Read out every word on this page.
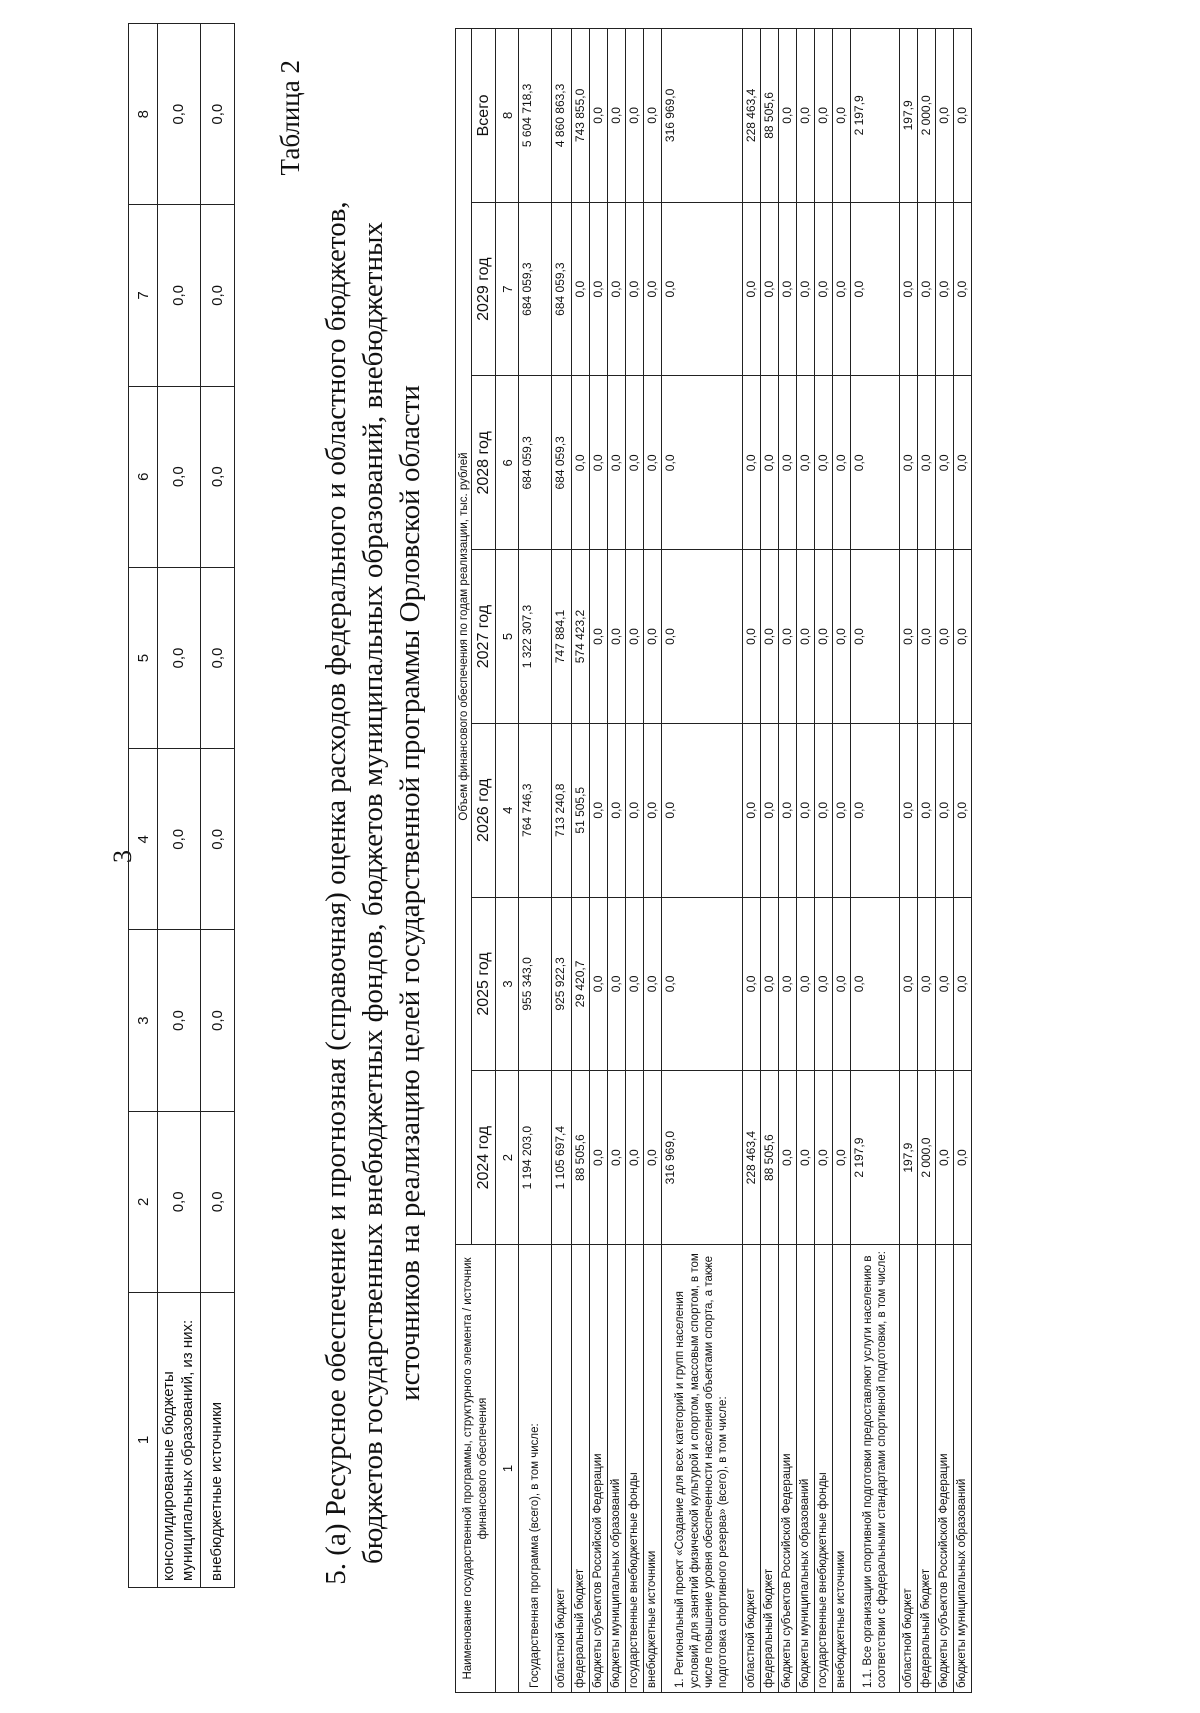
3
1	2	3	4	5	6	7	8
консолидированные бюджеты муниципальных образований, из них:	0,0	0,0	0,0	0,0	0,0	0,0	0,0
внебюджетные источники	0,0	0,0	0,0	0,0	0,0	0,0	0,0 Таблица 2
5. (а) Ресурсное обеспечение и прогнозная (справочная) оценка расходов федерального и областного бюджетов, бюджетов государственных внебюджетных фондов, бюджетов муниципальных образований, внебюджетных источников на реализацию целей государственной программы Орловской области
Наименование государственной программы, структурного элемента / источник финансового обеспечения	Объем финансового обеспечения по годам реализации, тыс. рублей						
	2024 год	2025 год	2026 год	2027 год	2028 год	2029 год	Всего
1	2	3	4	5	6	7	8
Государственная программа (всего), в том числе:	1 194 203,0	955 343,0	764 746,3	1 322 307,3	684 059,3	684 059,3	5 604 718,3
областной бюджет	1 105 697,4	925 922,3	713 240,8	747 884,1	684 059,3	684 059,3	4 860 863,3
федеральный бюджет	88 505,6	29 420,7	51 505,5	574 423,2	0,0	0,0	743 855,0
бюджеты субъектов Российской Федерации	0,0	0,0	0,0	0,0	0,0	0,0	0,0
бюджеты муниципальных образований	0,0	0,0	0,0	0,0	0,0	0,0	0,0
государственные внебюджетные фонды	0,0	0,0	0,0	0,0	0,0	0,0	0,0
внебюджетные источники	0,0	0,0	0,0	0,0	0,0	0,0	0,0
1. Региональный проект «Создание для всех категорий и групп населения условий для занятий физической культурой и спортом, массовым спортом, в том числе повышение уровня обеспеченности населения объектами спорта, а также подготовка спортивного резерва» (всего), в том числе:	316 969,0	0,0	0,0	0,0	0,0	0,0	316 969,0
областной бюджет	228 463,4	0,0	0,0	0,0	0,0	0,0	228 463,4
федеральный бюджет	88 505,6	0,0	0,0	0,0	0,0	0,0	88 505,6
бюджеты субъектов Российской Федерации	0,0	0,0	0,0	0,0	0,0	0,0	0,0
бюджеты муниципальных образований	0,0	0,0	0,0	0,0	0,0	0,0	0,0
государственные внебюджетные фонды	0,0	0,0	0,0	0,0	0,0	0,0	0,0
внебюджетные источники	0,0	0,0	0,0	0,0	0,0	0,0	0,0
1.1. Все организации спортивной подготовки предоставляют услуги населению в соответствии с федеральными стандартами спортивной подготовки, в том числе:	2 197,9	0,0	0,0	0,0	0,0	0,0	2 197,9
областной бюджет	197,9	0,0	0,0	0,0	0,0	0,0	197,9
федеральный бюджет	2 000,0	0,0	0,0	0,0	0,0	0,0	2 000,0
бюджеты субъектов Российской Федерации	0,0	0,0	0,0	0,0	0,0	0,0	0,0
бюджеты муниципальных образований	0,0	0,0	0,0	0,0	0,0	0,0	0,0
